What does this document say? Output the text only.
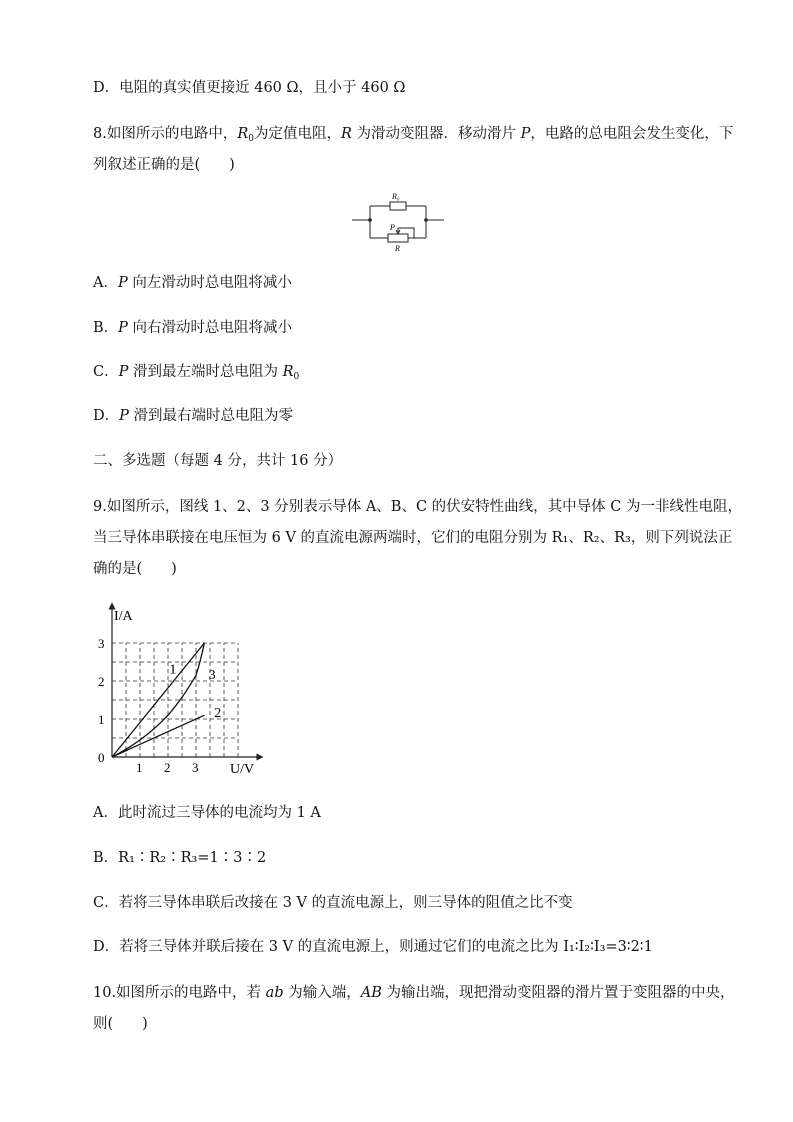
D．电阻的真实值更接近 460 Ω，且小于 460 Ω
8.如图所示的电路中，$R_0$为定值电阻，R 为滑动变阻器．移动滑片 P，电路的总电阻会发生变化，下
列叙述正确的是(　　)
R₀
P
R
A．P 向左滑动时总电阻将减小
B．P 向右滑动时总电阻将减小
C．P 滑到最左端时总电阻为 $R_0$
D．P 滑到最右端时总电阻为零
二、多选题（每题 4 分，共计 16 分）
9.如图所示，图线 1、2、3 分别表示导体 A、B、C 的伏安特性曲线，其中导体 C 为一非线性电阻，
当三导体串联接在电压恒为 6 V 的直流电源两端时，它们的电阻分别为 R₁、R₂、R₃，则下列说法正
确的是(　　)
1
2
3
1 2 3
0
1
2
3
I/A
U/V
A．此时流过三导体的电流均为 1 A
B．R₁∶R₂∶R₃=1∶3∶2
C．若将三导体串联后改接在 3 V 的直流电源上，则三导体的阻值之比不变
D．若将三导体并联后接在 3 V 的直流电源上，则通过它们的电流之比为 I₁∶I₂∶I₃=3∶2∶1
10.如图所示的电路中，若 ab 为输入端，AB 为输出端，现把滑动变阻器的滑片置于变阻器的中央，
则(　　)
